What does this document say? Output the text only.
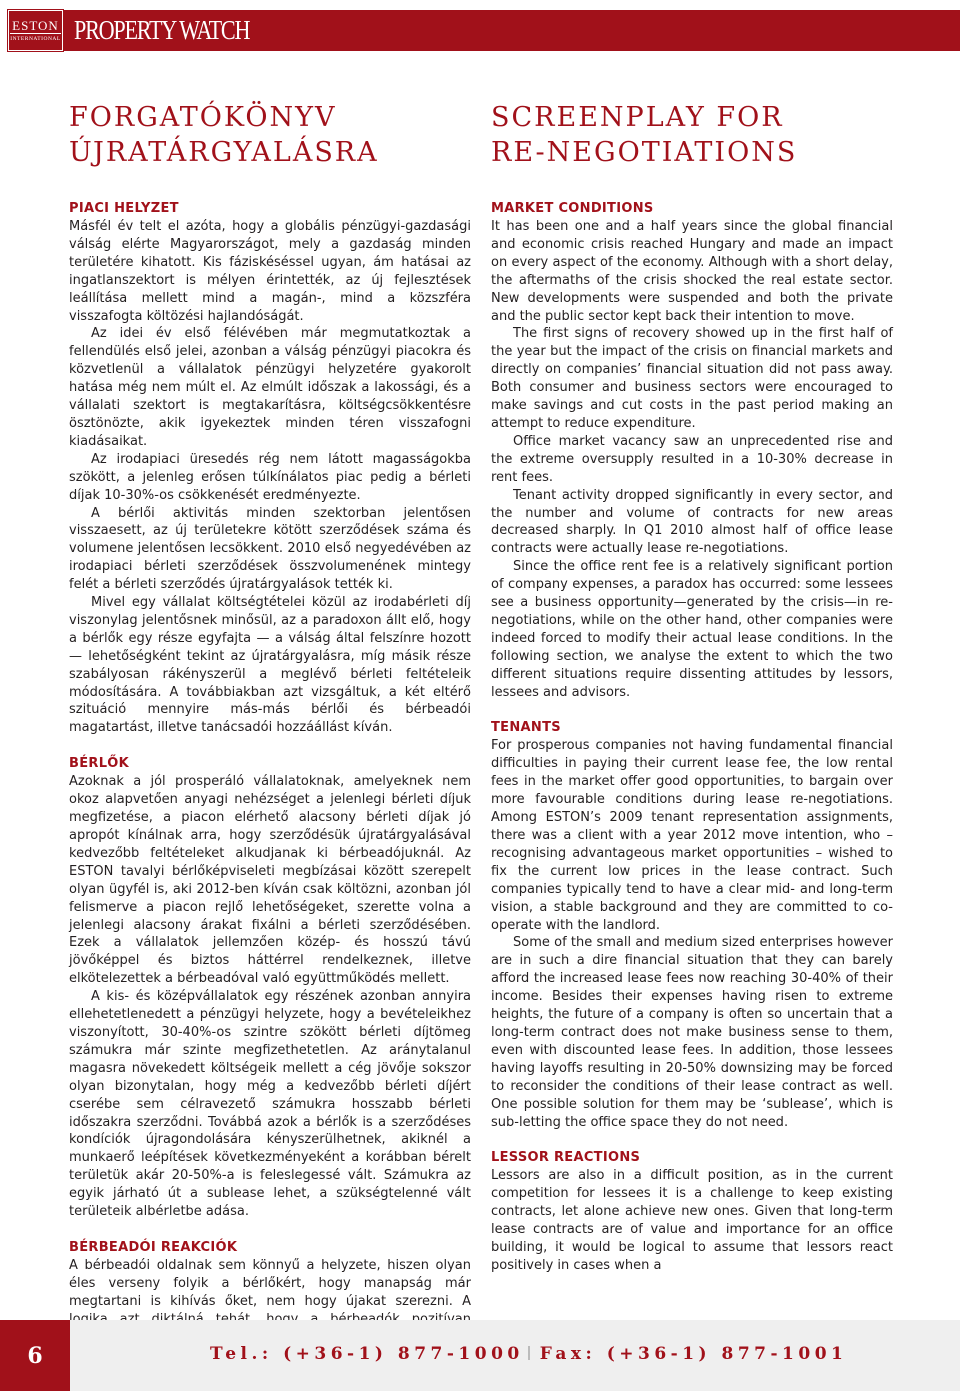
ESTON
INTERNATIONAL PROPERTY WATCH
FORGATÓKÖNYV
ÚJRATÁRGYALÁSRA
SCREENPLAY FOR
RE-NEGOTIATIONS
PIACI HELYZET

Másfél év telt el azóta, hogy a globális pénzügyi-gazdasági válság elérte Magyarországot, mely a gazdaság minden területére kihatott. Kis fáziskéséssel ugyan, ám hatásai az ingatlanszektort is mélyen érintették, az új fejlesztések leállítása mellett mind a magán-, mind a közszféra visszafogta költözési hajlandóságát.

Az idei év első félévében már megmutatkoztak a fellendülés első jelei, azonban a válság pénzügyi piacokra és közvetlenül a vállalatok pénzügyi helyzetére gyakorolt hatása még nem múlt el. Az elmúlt időszak a lakossági, és a vállalati szektort is megtakarításra, költségcsökkentésre ösztönözte, akik igyekeztek minden téren visszafogni kiadásaikat.

Az irodapiaci üresedés rég nem látott magasságokba szökött, a jelenleg erősen túlkínálatos piac pedig a bérleti díjak 10-30%-os csökkenését eredményezte.

A bérlői aktivitás minden szektorban jelentősen visszaesett, az új területekre kötött szerződések száma és volumene jelentősen lecsökkent. 2010 első negyedévében az irodapiaci bérleti szerződések összvolumenének mintegy felét a bérleti szerződés újratárgyalások tették ki.

Mivel egy vállalat költségtételei közül az irodabérleti díj viszonylag jelentősnek minősül, az a paradoxon állt elő, hogy a bérlők egy része egyfajta — a válság által felszínre hozott — lehetőségként tekint az újratárgyalásra, míg másik része szabályosan rákényszerül a meglévő bérleti feltételeik módosítására. A továbbiakban azt vizsgáltuk, a két eltérő szituáció mennyire más-más bérlői és bérbeadói magatartást, illetve tanácsadói hozzáállást kíván.

BÉRLŐK

Azoknak a jól prosperáló vállalatoknak, amelyeknek nem okoz alapvetően anyagi nehézséget a jelenlegi bérleti díjuk megfizetése, a piacon elérhető alacsony bérleti díjak jó apropót kínálnak arra, hogy szerződésük újratárgyalásával kedvezőbb feltételeket alkudjanak ki bérbeadójuknál. Az ESTON tavalyi bérlőképviseleti megbízásai között szerepelt olyan ügyfél is, aki 2012-ben kíván csak költözni, azonban jól felismerve a piacon rejlő lehetőségeket, szerette volna a jelenlegi alacsony árakat fixálni a bérleti szerződésében. Ezek a vállalatok jellemzően közép- és hosszú távú jövőképpel és biztos háttérrel rendelkeznek, illetve elkötelezettek a bérbeadóval való együttműködés mellett.

A kis- és középvállalatok egy részének azonban annyira ellehetetlenedett a pénzügyi helyzete, hogy a bevételeikhez viszonyított, 30-40%-os szintre szökött bérleti díjtömeg számukra már szinte megfizethetetlen. Az aránytalanul magasra növekedett költségeik mellett a cég jövője sokszor olyan bizonytalan, hogy még a kedvezőbb bérleti díjért cserébe sem célravezető számukra hosszabb bérleti időszakra szerződni. Továbbá azok a bérlők is a szerződéses kondíciók újragondolására kényszerülhetnek, akiknél a munkaerő leépítések következményeként a korábban bérelt területük akár 20-50%-a is feleslegessé vált. Számukra az egyik járható út a sublease lehet, a szükségtelenné vált területeik albérletbe adása.

BÉRBEADÓI REAKCIÓK

A bérbeadói oldalnak sem könnyű a helyzete, hiszen olyan éles verseny folyik a bérlőkért, hogy manapság már megtartani is kihívás őket, nem hogy újakat szerezni. A

MARKET CONDITIONS

It has been one and a half years since the global financial and economic crisis reached Hungary and made an impact on every aspect of the economy. Although with a short delay, the aftermaths of the crisis shocked the real estate sector. New developments were suspended and both the private and the public sector kept back their intention to move.

The first signs of recovery showed up in the first half of the year but the impact of the crisis on financial markets and directly on companies’ financial situation did not pass away. Both consumer and business sectors were encouraged to make savings and cut costs in the past period making an attempt to reduce expenditure.

Office market vacancy saw an unprecedented rise and the extreme oversupply resulted in a 10-30% decrease in rent fees.

Tenant activity dropped significantly in every sector, and the number and volume of contracts for new areas decreased sharply. In Q1 2010 almost half of office lease contracts were actually lease re-negotiations.

Since the office rent fee is a relatively significant portion of company expenses, a paradox has occurred: some lessees see a business opportunity—generated by the crisis—in re-negotiations, while on the other hand, other companies were indeed forced to modify their actual lease conditions. In the following section, we analyse the extent to which the two different situations require dissenting attitudes by lessors, lessees and advisors.

TENANTS

For prosperous companies not having fundamental financial difficulties in paying their current lease fee, the low rental fees in the market offer good opportunities, to bargain over more favourable conditions during lease re-negotiations. Among ESTON’s 2009 tenant representation assignments, there was a client with a year 2012 move intention, who – recognising advantageous market opportunities – wished to fix the current low prices in the lease contract. Such companies typically tend to have a clear mid- and long-term vision, a stable background and they are committed to co-operate with the landlord.

Some of the small and medium sized enterprises however are in such a dire financial situation that they can barely afford the increased lease fees now reaching 30-40% of their income. Besides their expenses having risen to extreme heights, the future of a company is often so uncertain that a long-term contract does not make business sense to them, even with discounted lease fees. In addition, those lessees having layoffs resulting in 20-50% downsizing may be forced to reconsider the conditions of their lease contract as well. One possible solution for them may be ‘sublease’, which is sub-letting the office space they do not need.

LESSOR REACTIONS

Lessors are also in a difficult position, as in the current competition for lessees it is a challenge to keep existing contracts, let alone achieve new ones. Given that long-term lease contracts are of value and importance for an office building, it would be logical to assume that lessors react positively in cases when a

6	Tel.: (+36-1) 877-1000 Fax: (+36-1) 877-1001
